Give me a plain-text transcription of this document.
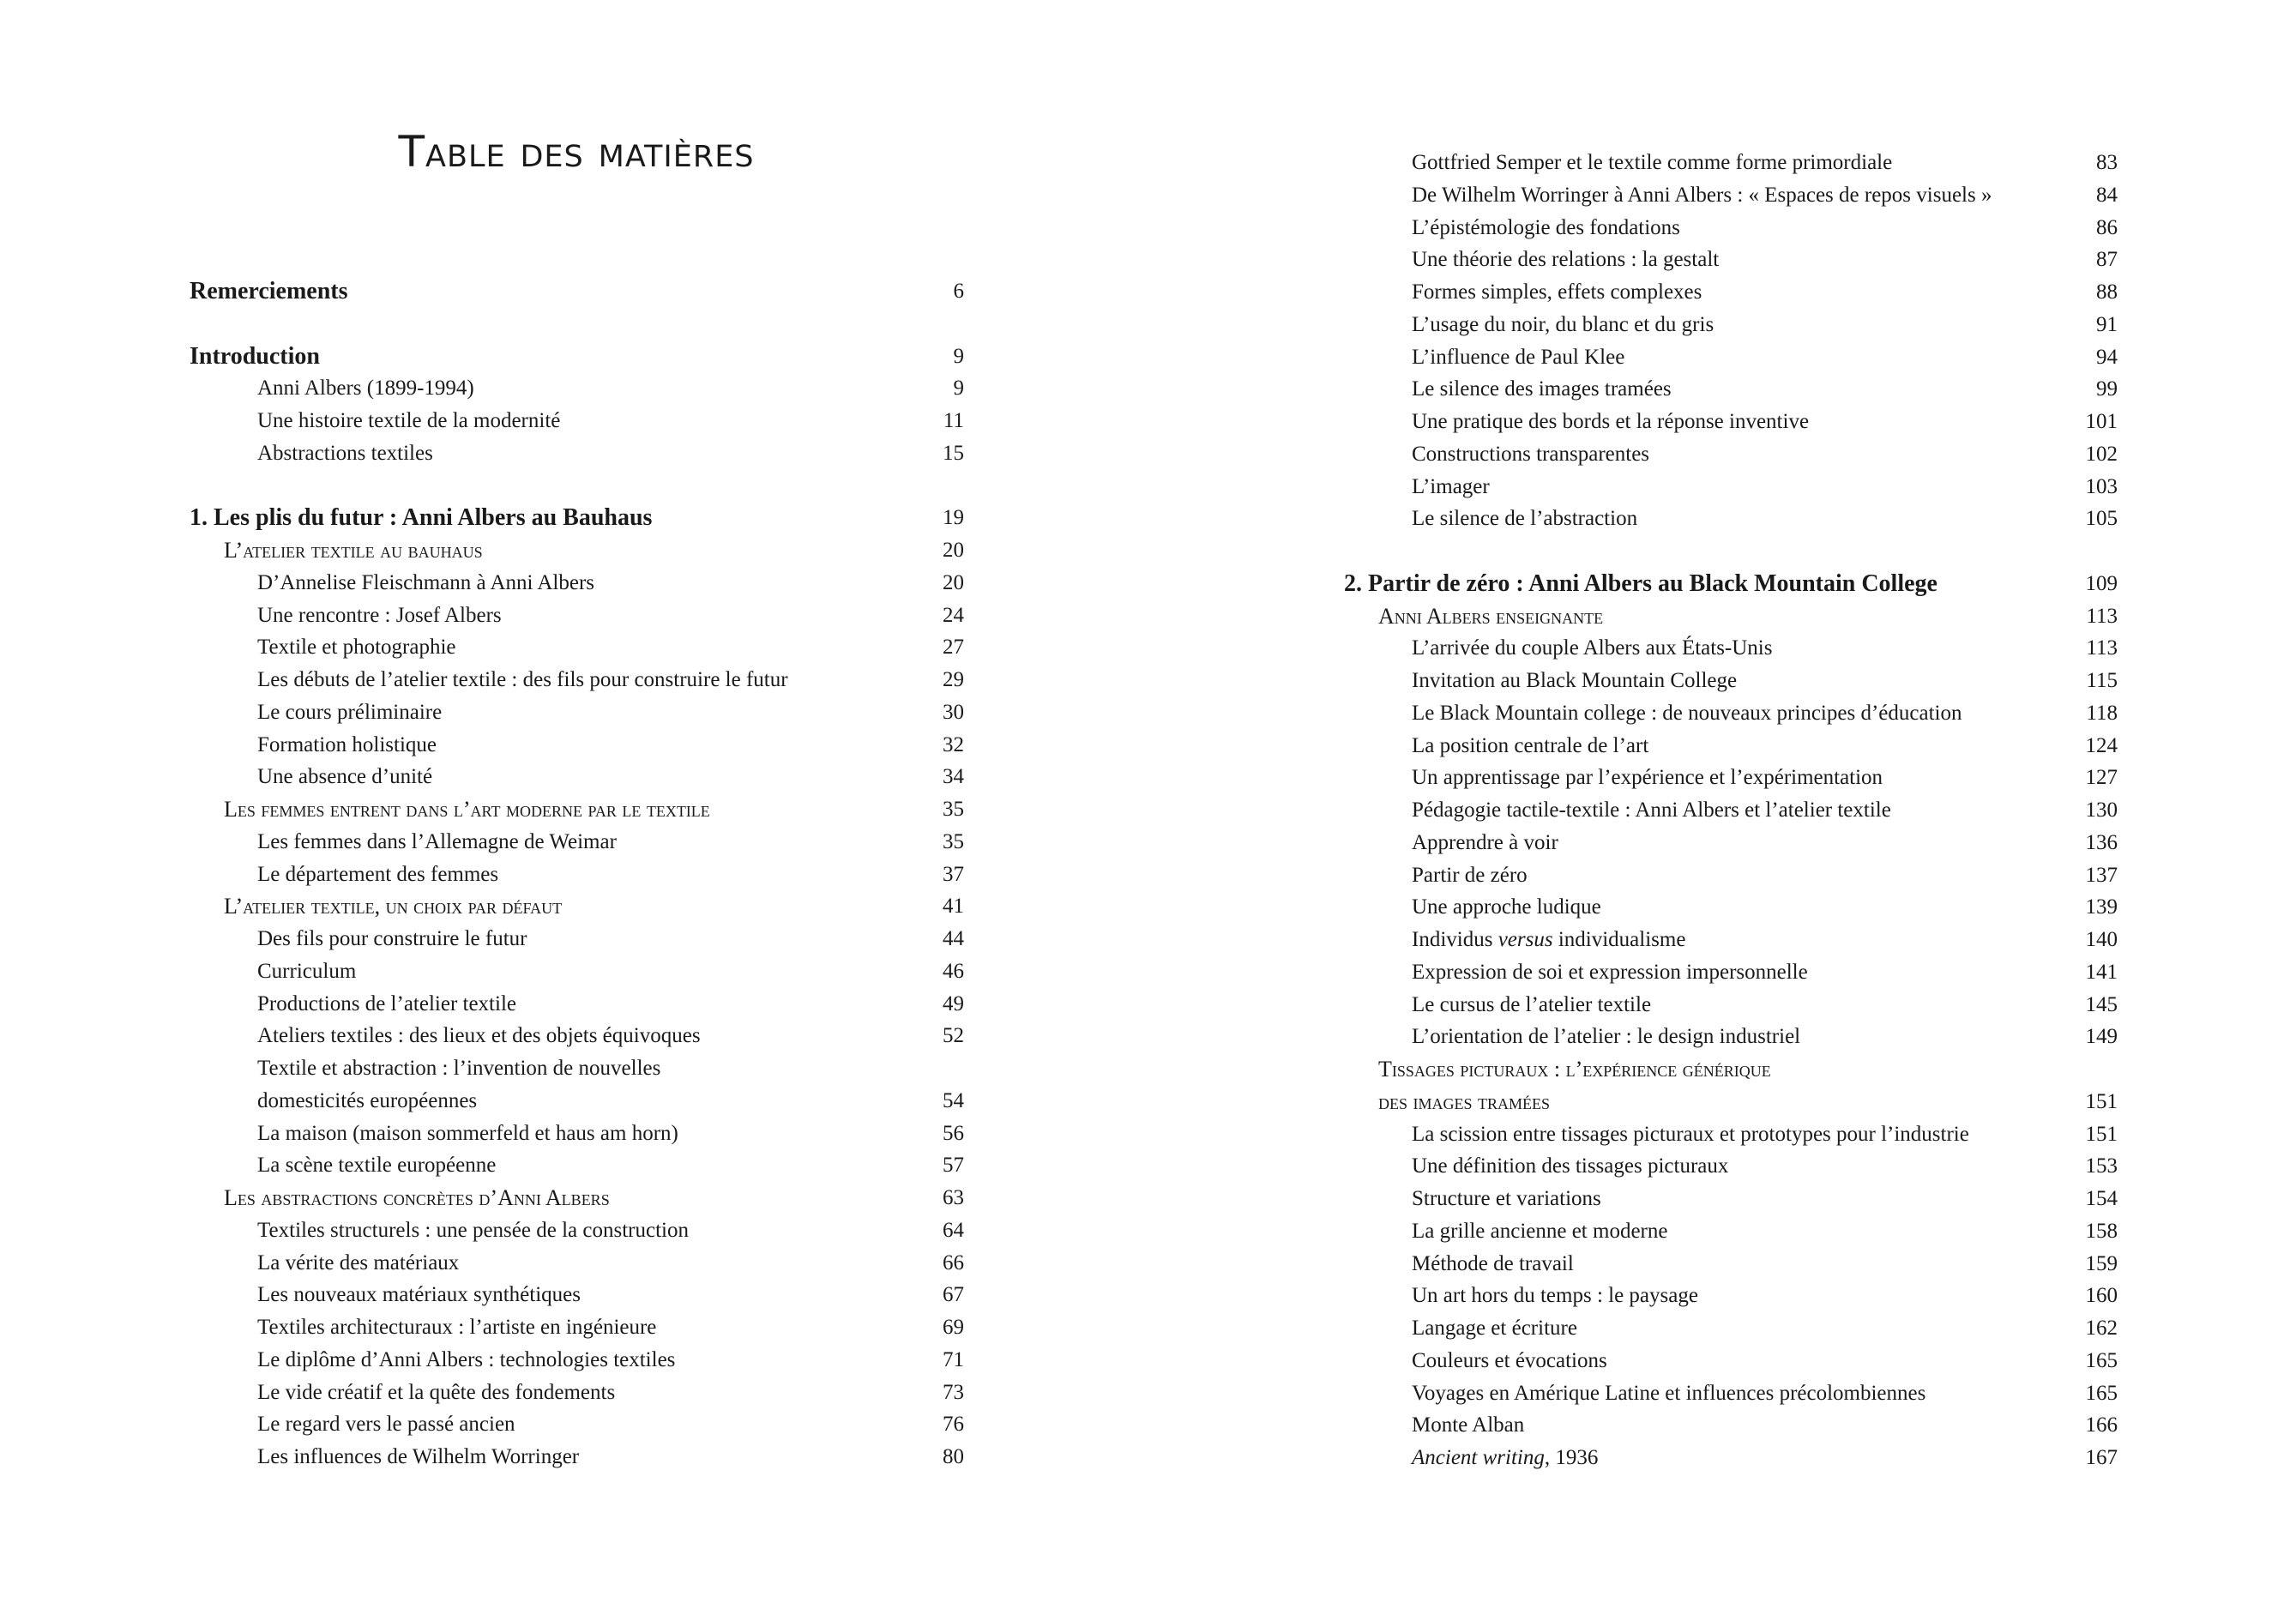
Table des matières
Remerciements	6
Introduction	9
Anni Albers (1899-1994)	9
Une histoire textile de la modernité	11
Abstractions textiles	15
1. Les plis du futur : Anni Albers au Bauhaus	19
L’atelier textile au bauhaus	20
D’Annelise Fleischmann à Anni Albers	20
Une rencontre : Josef Albers	24
Textile et photographie	27
Les débuts de l’atelier textile : des fils pour construire le futur	29
Le cours préliminaire	30
Formation holistique	32
Une absence d’unité	34
Les femmes entrent dans l’art moderne par le textile	35
Les femmes dans l’Allemagne de Weimar	35
Le département des femmes	37
L’atelier textile, un choix par défaut	41
Des fils pour construire le futur	44
Curriculum	46
Productions de l’atelier textile	49
Ateliers textiles : des lieux et des objets équivoques	52
Textile et abstraction : l’invention de nouvelles
domesticités européennes	54
La maison (maison sommerfeld et haus am horn)	56
La scène textile européenne	57
Les abstractions concrètes d’Anni Albers	63
Textiles structurels : une pensée de la construction	64
La vérite des matériaux	66
Les nouveaux matériaux synthétiques	67
Textiles architecturaux : l’artiste en ingénieure	69
Le diplôme d’Anni Albers : technologies textiles	71
Le vide créatif et la quête des fondements	73
Le regard vers le passé ancien	76
Les influences de Wilhelm Worringer	80
Gottfried Semper et le textile comme forme primordiale	83
De Wilhelm Worringer à Anni Albers : « Espaces de repos visuels »	84
L’épistémologie des fondations	86
Une théorie des relations : la gestalt	87
Formes simples, effets complexes	88
L’usage du noir, du blanc et du gris	91
L’influence de Paul Klee	94
Le silence des images tramées	99
Une pratique des bords et la réponse inventive	101
Constructions transparentes	102
L’imager	103
Le silence de l’abstraction	105
2. Partir de zéro : Anni Albers au Black Mountain College	109
Anni Albers enseignante	113
L’arrivée du couple Albers aux États-Unis	113
Invitation au Black Mountain College	115
Le Black Mountain college : de nouveaux principes d’éducation	118
La position centrale de l’art	124
Un apprentissage par l’expérience et l’expérimentation	127
Pédagogie tactile-textile : Anni Albers et l’atelier textile	130
Apprendre à voir	136
Partir de zéro	137
Une approche ludique	139
Individus versus individualisme	140
Expression de soi et expression impersonnelle	141
Le cursus de l’atelier textile	145
L’orientation de l’atelier : le design industriel	149
Tissages picturaux : l’expérience générique
des images tramées	151
La scission entre tissages picturaux et prototypes pour l’industrie	151
Une définition des tissages picturaux	153
Structure et variations	154
La grille ancienne et moderne	158
Méthode de travail	159
Un art hors du temps : le paysage	160
Langage et écriture	162
Couleurs et évocations	165
Voyages en Amérique Latine et influences précolombiennes	165
Monte Alban	166
Ancient writing, 1936	167
